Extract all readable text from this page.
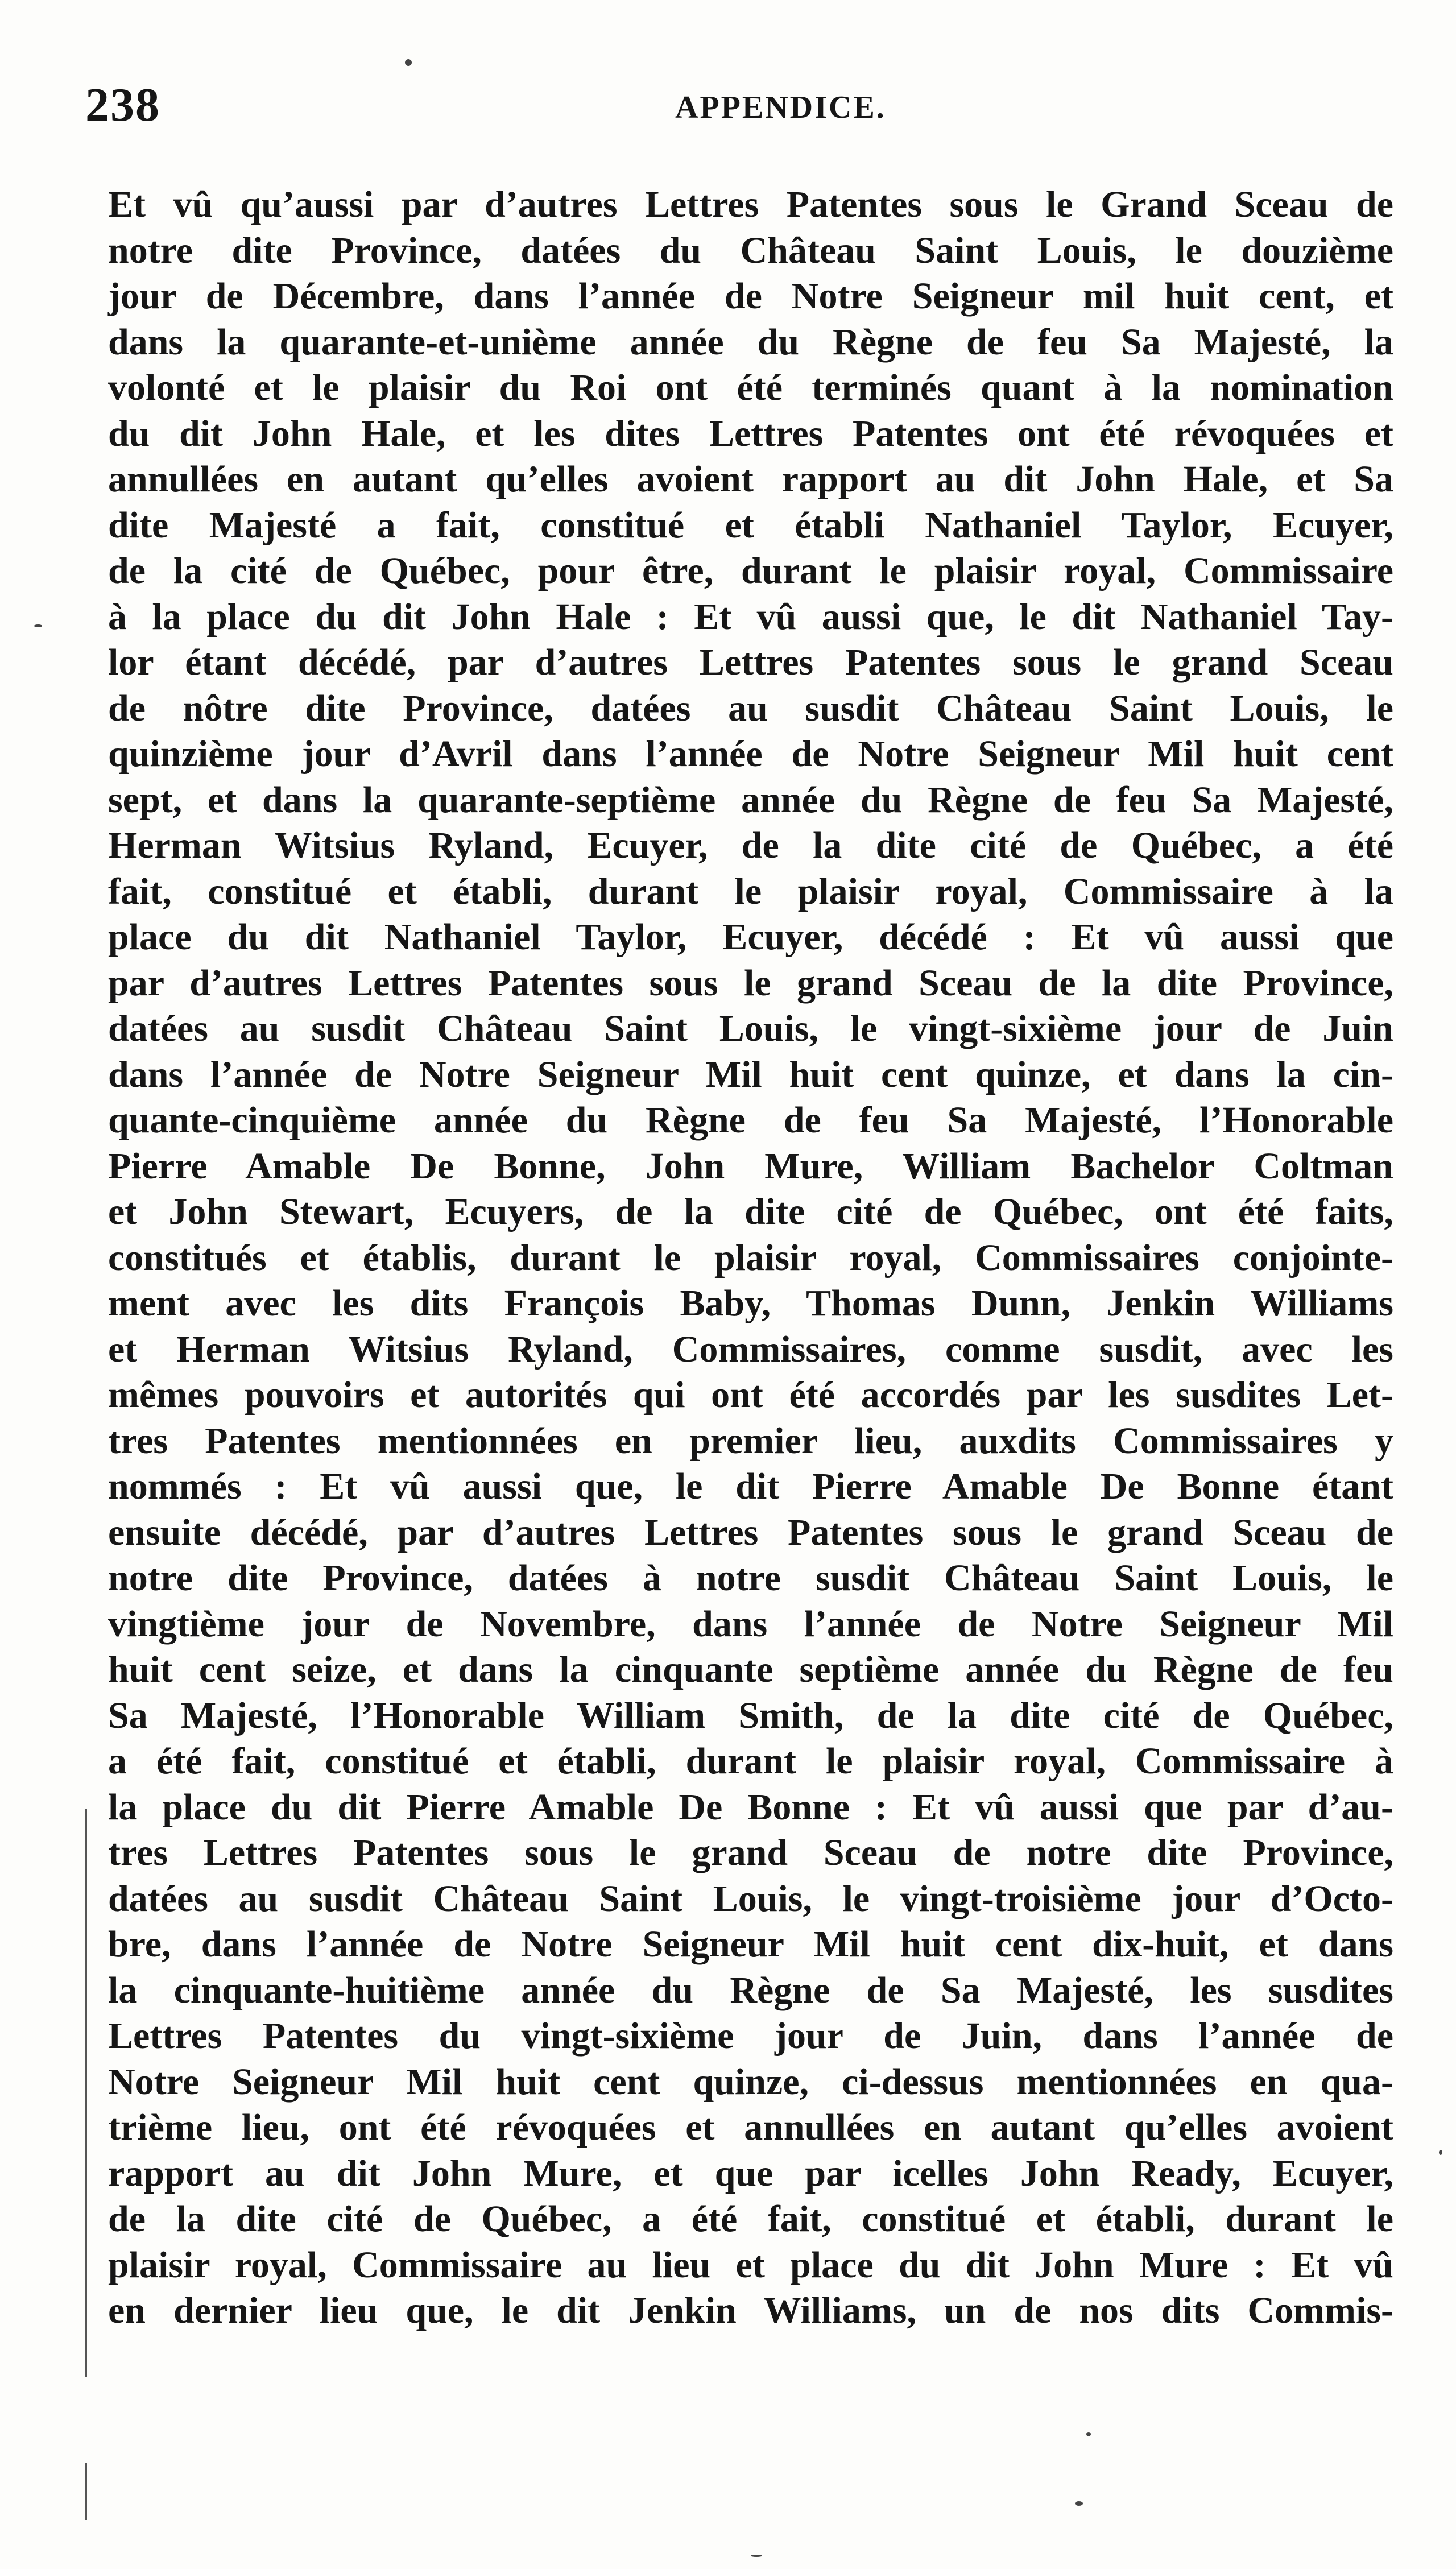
238	APPENDICE.
Et vû qu’aussi par d’autres Lettres Patentes sous le Grand Sceau de
notre dite Province, datées du Château Saint Louis, le douzième
jour de Décembre, dans l’année de Notre Seigneur mil huit cent, et
dans la quarante-et-unième année du Règne de feu Sa Majesté, la
volonté et le plaisir du Roi ont été terminés quant à la nomination
du dit John Hale, et les dites Lettres Patentes ont été révoquées et
annullées en autant qu’elles avoient rapport au dit John Hale, et Sa
dite Majesté a fait, constitué et établi Nathaniel Taylor, Ecuyer,
de la cité de Québec, pour être, durant le plaisir royal, Commissaire
à la place du dit John Hale : Et vû aussi que, le dit Nathaniel Tay-
lor étant décédé, par d’autres Lettres Patentes sous le grand Sceau
de nôtre dite Province, datées au susdit Château Saint Louis, le
quinzième jour d’Avril dans l’année de Notre Seigneur Mil huit cent
sept, et dans la quarante-septième année du Règne de feu Sa Majesté,
Herman Witsius Ryland, Ecuyer, de la dite cité de Québec, a été
fait, constitué et établi, durant le plaisir royal, Commissaire à la
place du dit Nathaniel Taylor, Ecuyer, décédé : Et vû aussi que
par d’autres Lettres Patentes sous le grand Sceau de la dite Province,
datées au susdit Château Saint Louis, le vingt-sixième jour de Juin
dans l’année de Notre Seigneur Mil huit cent quinze, et dans la cin-
quante-cinquième année du Règne de feu Sa Majesté, l’Honorable
Pierre Amable De Bonne, John Mure, William Bachelor Coltman
et John Stewart, Ecuyers, de la dite cité de Québec, ont été faits,
constitués et établis, durant le plaisir royal, Commissaires conjointe-
ment avec les dits François Baby, Thomas Dunn, Jenkin Williams
et Herman Witsius Ryland, Commissaires, comme susdit, avec les
mêmes pouvoirs et autorités qui ont été accordés par les susdites Let-
tres Patentes mentionnées en premier lieu, auxdits Commissaires y
nommés : Et vû aussi que, le dit Pierre Amable De Bonne étant
ensuite décédé, par d’autres Lettres Patentes sous le grand Sceau de
notre dite Province, datées à notre susdit Château Saint Louis, le
vingtième jour de Novembre, dans l’année de Notre Seigneur Mil
huit cent seize, et dans la cinquante septième année du Règne de feu
Sa Majesté, l’Honorable William Smith, de la dite cité de Québec,
a été fait, constitué et établi, durant le plaisir royal, Commissaire à
la place du dit Pierre Amable De Bonne : Et vû aussi que par d’au-
tres Lettres Patentes sous le grand Sceau de notre dite Province,
datées au susdit Château Saint Louis, le vingt-troisième jour d’Octo-
bre, dans l’année de Notre Seigneur Mil huit cent dix-huit, et dans
la cinquante-huitième année du Règne de Sa Majesté, les susdites
Lettres Patentes du vingt-sixième jour de Juin, dans l’année de
Notre Seigneur Mil huit cent quinze, ci-dessus mentionnées en qua-
trième lieu, ont été révoquées et annullées en autant qu’elles avoient
rapport au dit John Mure, et que par icelles John Ready, Ecuyer,
de la dite cité de Québec, a été fait, constitué et établi, durant le
plaisir royal, Commissaire au lieu et place du dit John Mure : Et vû
en dernier lieu que, le dit Jenkin Williams, un de nos dits Commis-
